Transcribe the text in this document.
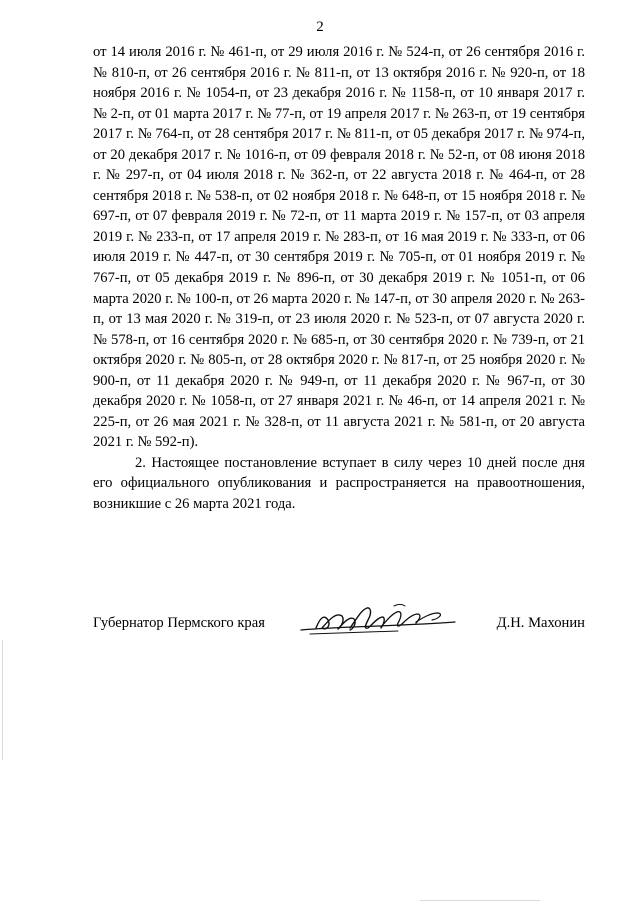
2

от 14 июля 2016 г. № 461-п, от 29 июля 2016 г. № 524-п, от 26 сентября 2016 г. № 810-п, от 26 сентября 2016 г. № 811-п, от 13 октября 2016 г. № 920-п, от 18 ноября 2016 г. № 1054-п, от 23 декабря 2016 г. № 1158-п, от 10 января 2017 г. № 2-п, от 01 марта 2017 г. № 77-п, от 19 апреля 2017 г. № 263-п, от 19 сентября 2017 г. № 764-п, от 28 сентября 2017 г. № 811-п, от 05 декабря 2017 г. № 974-п, от 20 декабря 2017 г. № 1016-п, от 09 февраля 2018 г. № 52-п, от 08 июня 2018 г. № 297-п, от 04 июля 2018 г. № 362-п, от 22 августа 2018 г. № 464-п, от 28 сентября 2018 г. № 538-п, от 02 ноября 2018 г. № 648-п, от 15 ноября 2018 г. № 697-п, от 07 февраля 2019 г. № 72-п, от 11 марта 2019 г. № 157-п, от 03 апреля 2019 г. № 233-п, от 17 апреля 2019 г. № 283-п, от 16 мая 2019 г. № 333-п, от 06 июля 2019 г. № 447-п, от 30 сентября 2019 г. № 705-п, от 01 ноября 2019 г. № 767-п, от 05 декабря 2019 г. № 896-п, от 30 декабря 2019 г. № 1051-п, от 06 марта 2020 г. № 100-п, от 26 марта 2020 г. № 147-п, от 30 апреля 2020 г. № 263-п, от 13 мая 2020 г. № 319-п, от 23 июля 2020 г. № 523-п, от 07 августа 2020 г. № 578-п, от 16 сентября 2020 г. № 685-п, от 30 сентября 2020 г. № 739-п, от 21 октября 2020 г. № 805-п, от 28 октября 2020 г. № 817-п, от 25 ноября 2020 г. № 900-п, от 11 декабря 2020 г. № 949-п, от 11 декабря 2020 г. № 967-п, от 30 декабря 2020 г. № 1058-п, от 27 января 2021 г. № 46-п, от 14 апреля 2021 г. № 225-п, от 26 мая 2021 г. № 328-п, от 11 августа 2021 г. № 581-п, от 20 августа 2021 г. № 592-п).

2. Настоящее постановление вступает в силу через 10 дней после дня его официального опубликования и распространяется на правоотношения, возникшие с 26 марта 2021 года.

Губернатор Пермского края	Д.Н. Махонин
